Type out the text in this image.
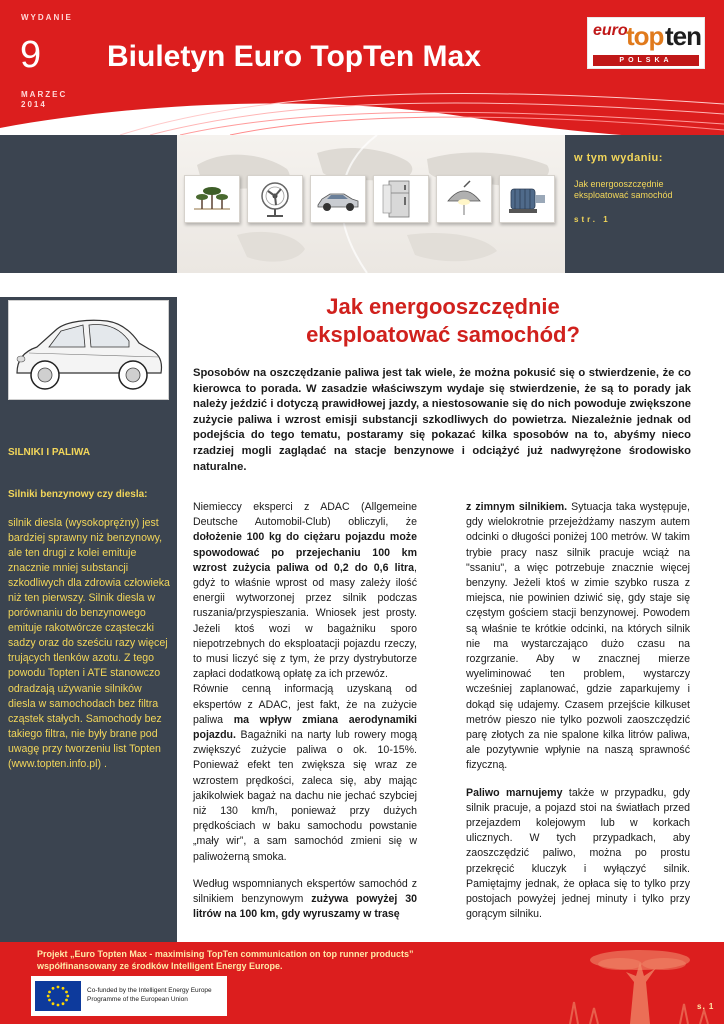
WYDANIE
9
MARZEC
2014
Biuletyn Euro TopTen Max
euro
top ten
POLSKA
w tym wydaniu:
Jak energooszczędnie eksploatować samochód
str. 1
SILNIKI I PALIWA
Silniki benzynowy czy diesla:
silnik diesla (wysokoprężny) jest bardziej sprawny niż benzynowy, ale ten drugi z kolei emituje znacznie mniej substancji szkodliwych dla zdrowia człowieka niż ten pierwszy. Silnik diesla w porównaniu do benzynowego emituje rakotwórcze cząsteczki sadzy oraz do sześciu razy więcej trujących tlenków azotu. Z tego powodu Topten i ATE stanowczo odradzają używanie silników diesla w samochodach bez filtra cząstek stałych. Samochody bez takiego filtra, nie były brane pod uwagę przy tworzeniu list Topten (www.topten.info.pl) .
Jak energooszczędnie
eksploatować samochód?
Sposobów na oszczędzanie paliwa jest tak wiele, że można pokusić się o stwierdzenie, że co kierowca to porada. W zasadzie właściwszym wydaje się stwierdzenie, że są to porady jak należy jeździć i dotyczą prawidłowej jazdy, a niestosowanie się do nich powoduje zwiększone zużycie paliwa i wzrost emisji substancji szkodliwych do powietrza. Niezależnie jednak od podejścia do tego tematu, postaramy się pokazać kilka sposobów na to, abyśmy nieco rzadziej mogli zaglądać na stacje benzynowe i odciążyć już nadwyrężone środowisko naturalne.

Niemieccy eksperci z ADAC (Allgemeine Deutsche Automobil-Club) obliczyli, że dołożenie 100 kg do ciężaru pojazdu może spowodować po przejechaniu 100 km wzrost zużycia paliwa od 0,2 do 0,6 litra, gdyż to właśnie wprost od masy zależy ilość energii wytworzonej przez silnik podczas ruszania/przyspieszania. Wniosek jest prosty. Jeżeli ktoś wozi w bagażniku sporo niepotrzebnych do eksploatacji pojazdu rzeczy, to musi liczyć się z tym, że przy dystrybutorze zapłaci dodatkową opłatę za ich przewóz.

Równie cenną informacją uzyskaną od ekspertów z ADAC, jest fakt, że na zużycie paliwa ma wpływ zmiana aerodynamiki pojazdu. Bagażniki na narty lub rowery mogą zwiększyć zużycie paliwa o ok. 10-15%. Ponieważ efekt ten zwiększa się wraz ze wzrostem prędkości, zaleca się, aby mając jakikolwiek bagaż na dachu nie jechać szybciej niż 130 km/h, ponieważ przy dużych prędkościach w baku samochodu powstanie „mały wir”, a sam samochód zmieni się w paliwożerną smoka.

Według wspomnianych ekspertów samochód z silnikiem benzynowym zużywa powyżej 30 litrów na 100 km, gdy wyruszamy w trasę

z zimnym silnikiem. Sytuacja taka występuje, gdy wielokrotnie przejeżdżamy naszym autem odcinki o długości poniżej 100 metrów. W takim trybie pracy nasz silnik pracuje wciąż na "ssaniu", a więc potrzebuje znacznie więcej benzyny. Jeżeli ktoś w zimie szybko rusza z miejsca, nie powinien dziwić się, gdy staje się częstym gościem stacji benzynowej. Powodem są właśnie te krótkie odcinki, na których silnik nie ma wystarczająco dużo czasu na rozgrzanie. Aby w znacznej mierze wyeliminować ten problem, wystarczy wcześniej zaplanować, gdzie zaparkujemy i dokąd się udajemy. Czasem przejście kilkuset metrów pieszo nie tylko pozwoli zaoszczędzić parę złotych za nie spalone kilka litrów paliwa, ale pozytywnie wpłynie na naszą sprawność fizyczną.

Paliwo marnujemy także w przypadku, gdy silnik pracuje, a pojazd stoi na światłach przed przejazdem kolejowym lub w korkach ulicznych. W tych przypadkach, aby zaoszczędzić paliwo, można po prostu przekręcić kluczyk i wyłączyć silnik. Pamiętajmy jednak, że opłaca się to tylko przy postojach powyżej jednej minuty i tylko przy gorącym silniku.

Projekt „Euro Topten Max - maximising TopTen communication on top runner products”
współfinansowany ze środków Intelligent Energy Europe.
Co-funded by the Intelligent Energy Europe
Programme of the European Union
s. 1
